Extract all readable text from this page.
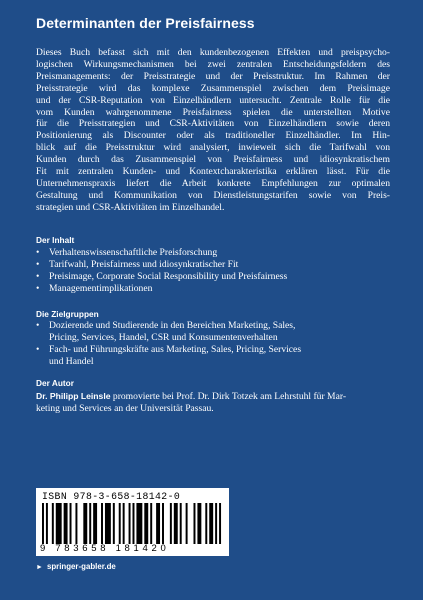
Determinanten der Preisfairness
Dieses Buch befasst sich mit den kundenbezogenen Effekten und preispsycho-
logischen Wirkungsmechanismen bei zwei zentralen Entscheidungsfeldern des
Preismanagements: der Preisstrategie und der Preisstruktur. Im Rahmen der
Preisstrategie wird das komplexe Zusammenspiel zwischen dem Preisimage
und der CSR-Reputation von Einzelhändlern untersucht. Zentrale Rolle für die
vom Kunden wahrgenommene Preisfairness spielen die unterstellten Motive
für die Preisstrategien und CSR-Aktivitäten von Einzelhändlern sowie deren
Positionierung als Discounter oder als traditioneller Einzelhändler. Im Hin-
blick auf die Preisstruktur wird analysiert, inwieweit sich die Tarifwahl von
Kunden durch das Zusammenspiel von Preisfairness und idiosynkratischem
Fit mit zentralen Kunden- und Kontextcharakteristika erklären lässt. Für die
Unternehmenspraxis liefert die Arbeit konkrete Empfehlungen zur optimalen
Gestaltung und Kommunikation von Dienstleistungstarifen sowie von Preis-
strategien und CSR-Aktivitäten im Einzelhandel.
Der Inhalt
• Verhaltenswissenschaftliche Preisforschung
• Tarifwahl, Preisfairness und idiosynkratischer Fit
• Preisimage, Corporate Social Responsibility und Preisfairness
• Managementimplikationen
Die Zielgruppen
• Dozierende und Studierende in den Bereichen Marketing, Sales,
Pricing, Services, Handel, CSR und Konsumentenverhalten
• Fach- und Führungskräfte aus Marketing, Sales, Pricing, Services
und Handel
Der Autor
Dr. Philipp Leinsle promovierte bei Prof. Dr. Dirk Totzek am Lehrstuhl für Mar-
keting und Services an der Universität Passau.
ISBN 978-3-658-18142-0
9 783658 181420
► springer-gabler.de
